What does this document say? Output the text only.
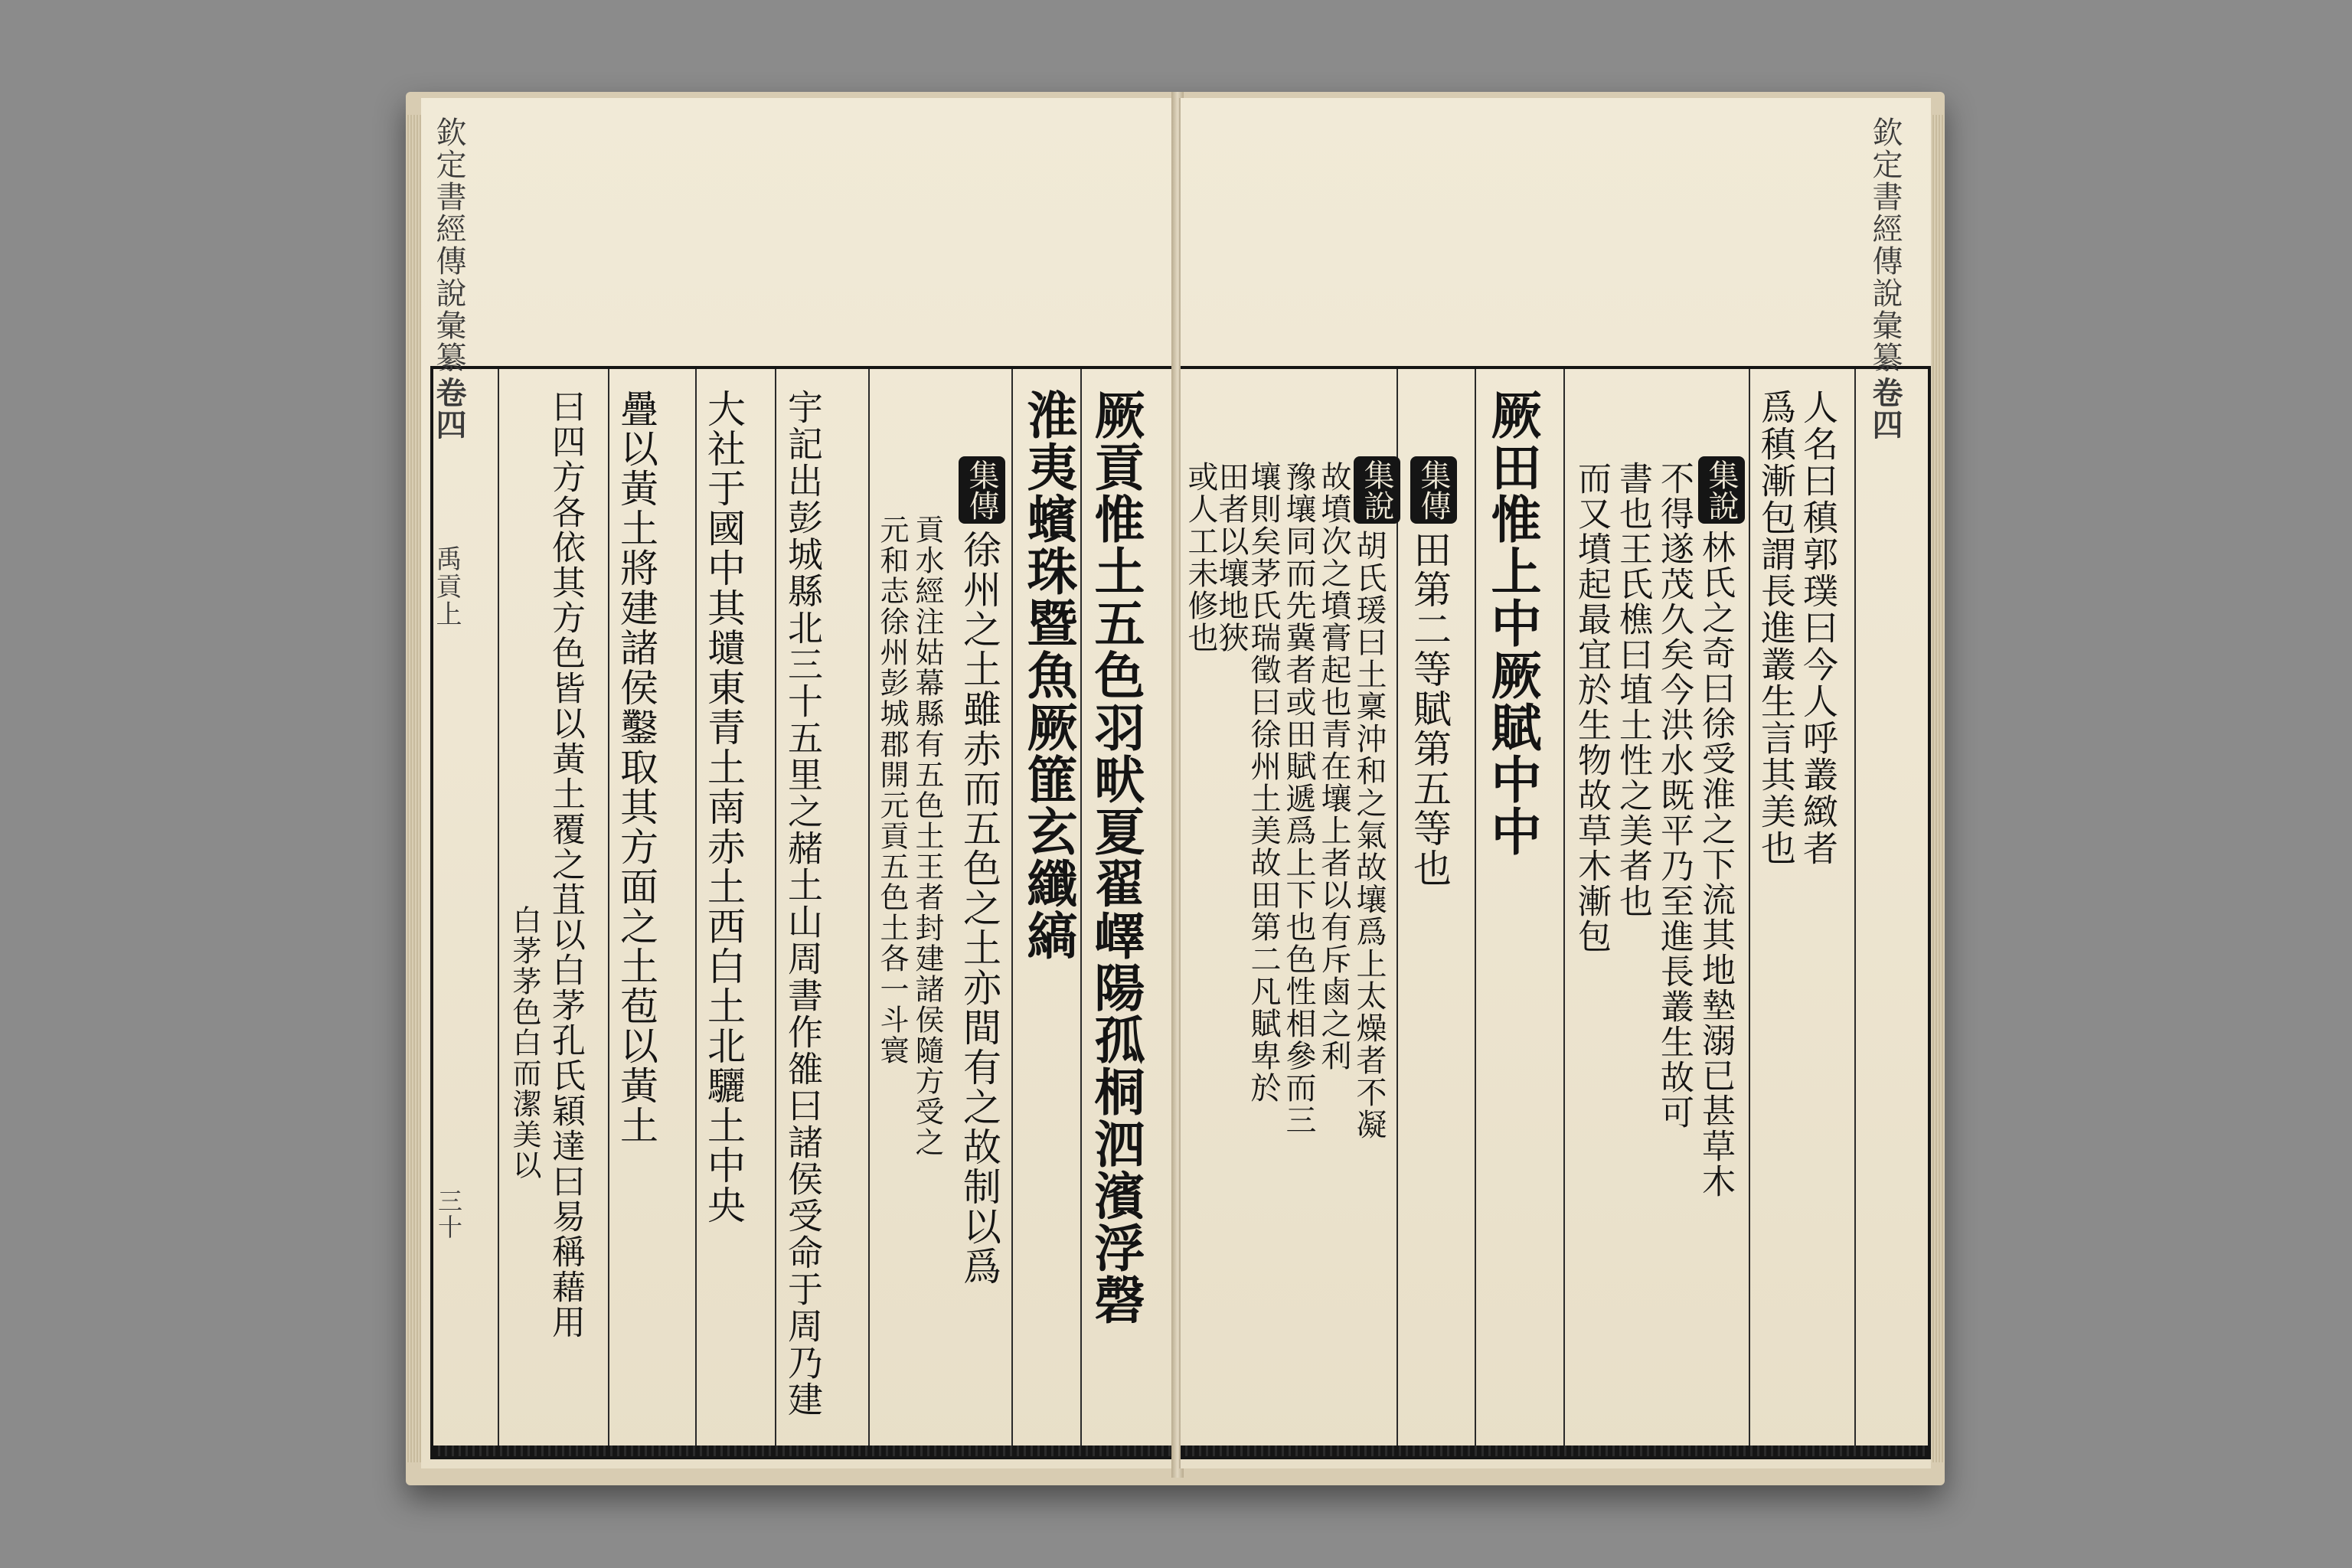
欽定書經傳說彙纂
卷四
禹貢上
三十	厥貢惟土五色羽畎夏翟嶧陽孤桐泗濱浮磬
淮夷蠙珠暨魚厥篚玄纖縞
集傳
徐州之土雖赤而五色之土亦間有之故制以爲
貢水經注姑幕縣有五色土王者封建諸侯隨方受之
元和志徐州彭城郡開元貢五色土各一斗寰
宇記出彭城縣北三十五里之赭土山周書作雒曰諸侯受命于周乃建
大社于國中其壝東青土南赤土西白土北驪土中央
疊以黃土將建諸侯鑿取其方面之土苞以黃土
曰四方各依其方色皆以黃土覆之苴以白茅孔氏穎達曰易稱藉用
白茅茅色白而潔美以
欽定書經傳說彙纂
卷四
人名曰稹郭璞曰今人呼叢緻者
爲稹漸包謂長進叢生言其美也
集說
林氏之奇曰徐受淮之下流其地墊溺已甚草木
不得遂茂久矣今洪水既平乃至進長叢生故可
書也王氏樵曰埴土性之美者也
而又墳起最宜於生物故草木漸包
厥田惟上中厥賦中中
集傳
田第二等賦第五等也
集說
胡氏瑗曰土稟沖和之氣故壤爲上太燥者不凝
故墳次之墳膏起也青在壤上者以有斥鹵之利
豫壤同而先冀者或田賦遞爲上下也色性相參而三
壤則矣茅氏瑞徵曰徐州土美故田第二凡賦卑於
田者以壤地狹
或人工未修也
